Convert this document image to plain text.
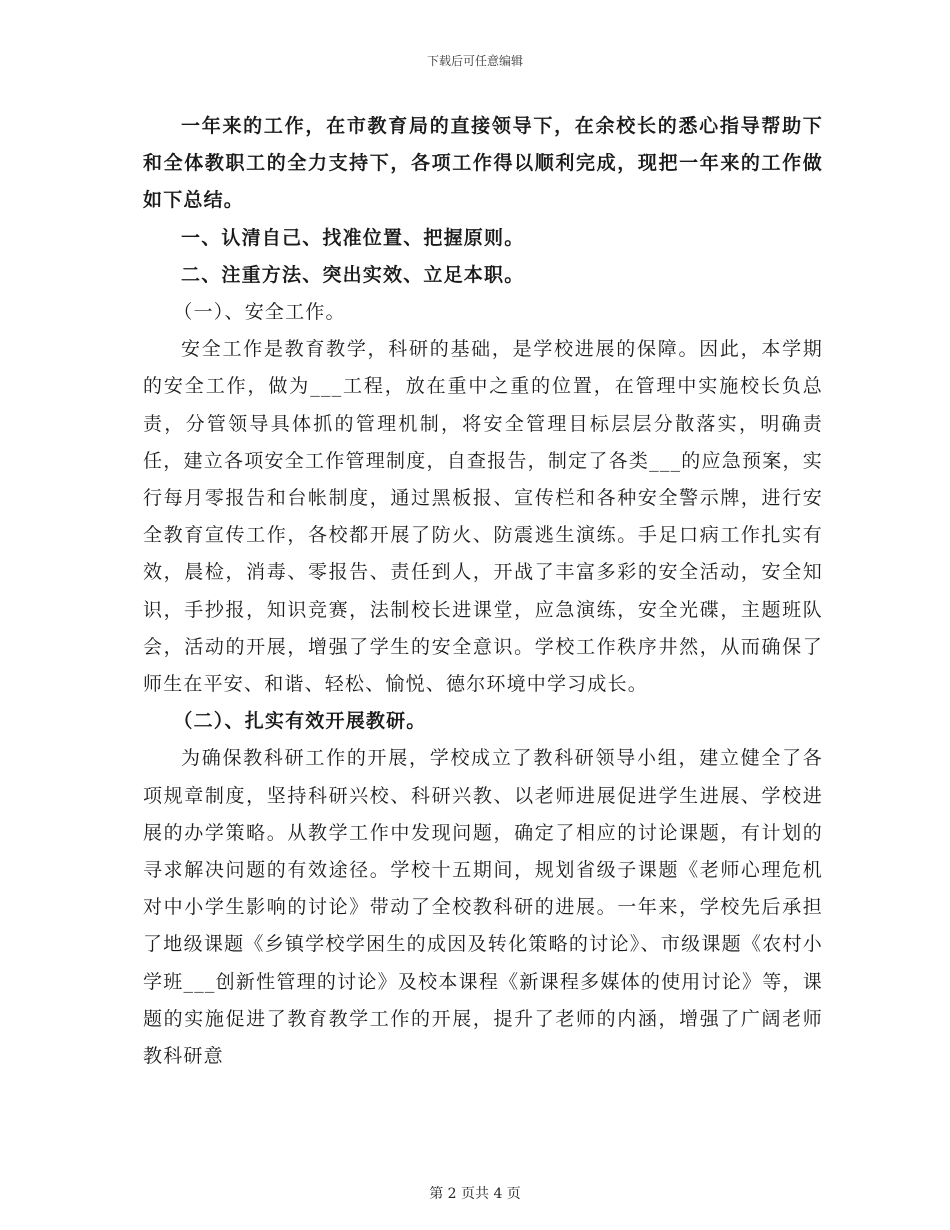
下载后可任意编辑

一年来的工作，在市教育局的直接领导下，在余校长的悉心指导帮助下和全体教职工的全力支持下，各项工作得以顺利完成，现把一年来的工作做如下总结。

一、认清自己、找准位置、把握原则。

二、注重方法、突出实效、立足本职。

（一）、安全工作。

安全工作是教育教学，科研的基础，是学校进展的保障。因此，本学期的安全工作，做为___工程，放在重中之重的位置，在管理中实施校长负总责，分管领导具体抓的管理机制，将安全管理目标层层分散落实，明确责任，建立各项安全工作管理制度，自查报告，制定了各类___的应急预案，实行每月零报告和台帐制度，通过黑板报、宣传栏和各种安全警示牌，进行安全教育宣传工作，各校都开展了防火、防震逃生演练。手足口病工作扎实有效，晨检，消毒、零报告、责任到人，开战了丰富多彩的安全活动，安全知识，手抄报，知识竞赛，法制校长进课堂，应急演练，安全光碟，主题班队会，活动的开展，增强了学生的安全意识。学校工作秩序井然，从而确保了师生在平安、和谐、轻松、愉悦、德尔环境中学习成长。

（二）、扎实有效开展教研。

为确保教科研工作的开展，学校成立了教科研领导小组，建立健全了各项规章制度，坚持科研兴校、科研兴教、以老师进展促进学生进展、学校进展的办学策略。从教学工作中发现问题，确定了相应的讨论课题，有计划的寻求解决问题的有效途径。学校十五期间，规划省级子课题《老师心理危机对中小学生影响的讨论》带动了全校教科研的进展。一年来，学校先后承担了地级课题《乡镇学校学困生的成因及转化策略的讨论》、市级课题《农村小学班___创新性管理的讨论》及校本课程《新课程多媒体的使用讨论》等，课题的实施促进了教育教学工作的开展，提升了老师的内涵，增强了广阔老师教科研意

第 2 页共 4 页
